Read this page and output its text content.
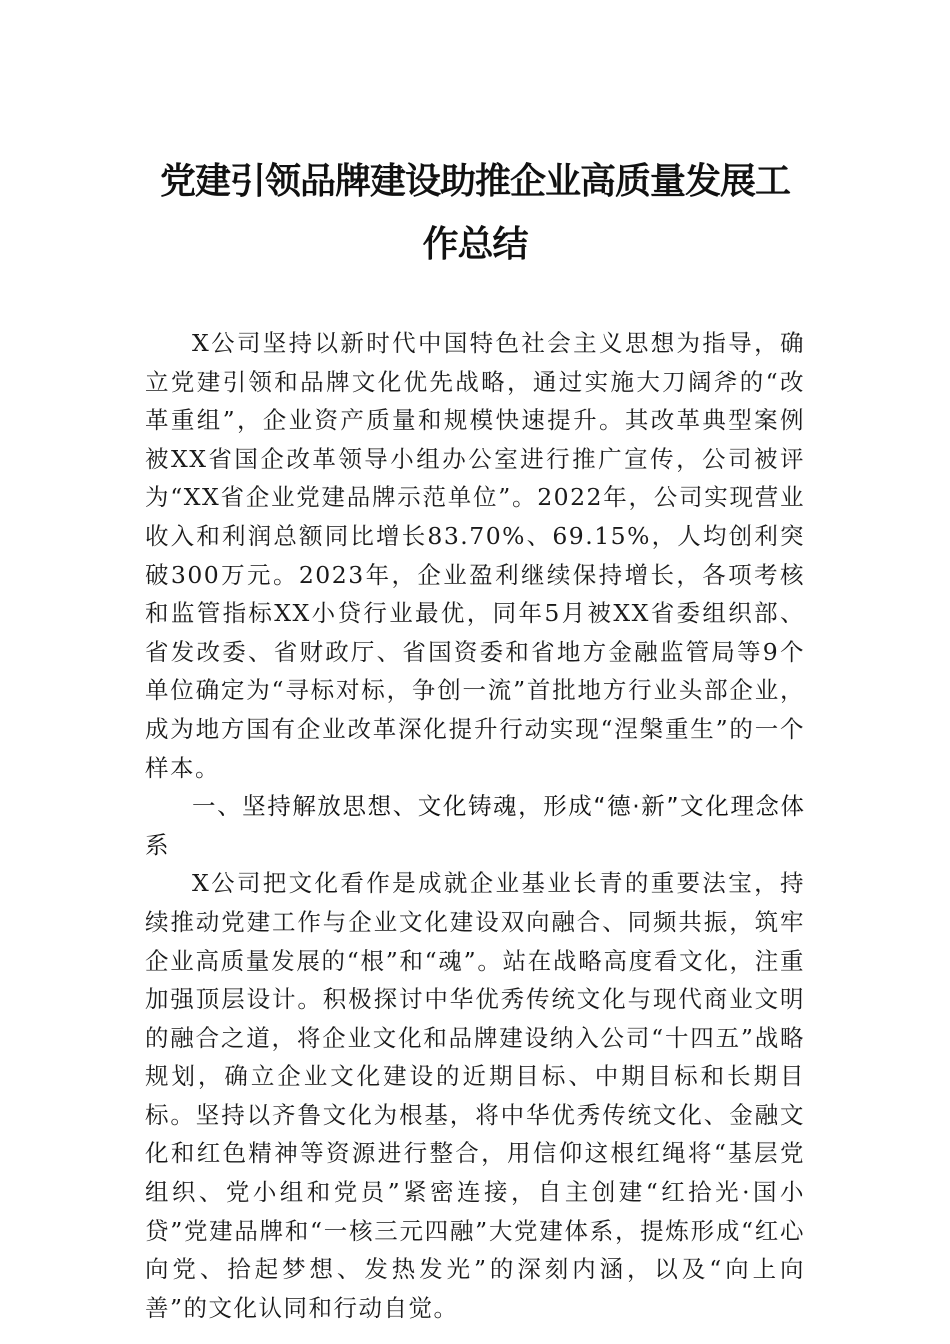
党建引领品牌建设助推企业高质量发展工
作总结

X公司坚持以新时代中国特色社会主义思想为指导，确立党建引领和品牌文化优先战略，通过实施大刀阔斧的“改革重组”，企业资产质量和规模快速提升。其改革典型案例被XX省国企改革领导小组办公室进行推广宣传，公司被评为“XX省企业党建品牌示范单位”。2022年，公司实现营业收入和利润总额同比增长83.70%、69.15%，人均创利突破300万元。2023年，企业盈利继续保持增长，各项考核和监管指标XX小贷行业最优，同年5月被XX省委组织部、省发改委、省财政厅、省国资委和省地方金融监管局等9个单位确定为“寻标对标，争创一流”首批地方行业头部企业，成为地方国有企业改革深化提升行动实现“涅槃重生”的一个样本。

一、坚持解放思想、文化铸魂，形成“德·新”文化理念体系

X公司把文化看作是成就企业基业长青的重要法宝，持续推动党建工作与企业文化建设双向融合、同频共振，筑牢企业高质量发展的“根”和“魂”。站在战略高度看文化，注重加强顶层设计。积极探讨中华优秀传统文化与现代商业文明的融合之道，将企业文化和品牌建设纳入公司“十四五”战略规划，确立企业文化建设的近期目标、中期目标和长期目标。坚持以齐鲁文化为根基，将中华优秀传统文化、金融文化和红色精神等资源进行整合，用信仰这根红绳将“基层党组织、党小组和党员”紧密连接，自主创建“红拾光·国小贷”党建品牌和“一核三元四融”大党建体系，提炼形成“红心向党、拾起梦想、发热发光”的深刻内涵，以及“向上向善”的文化认同和行动自觉。
